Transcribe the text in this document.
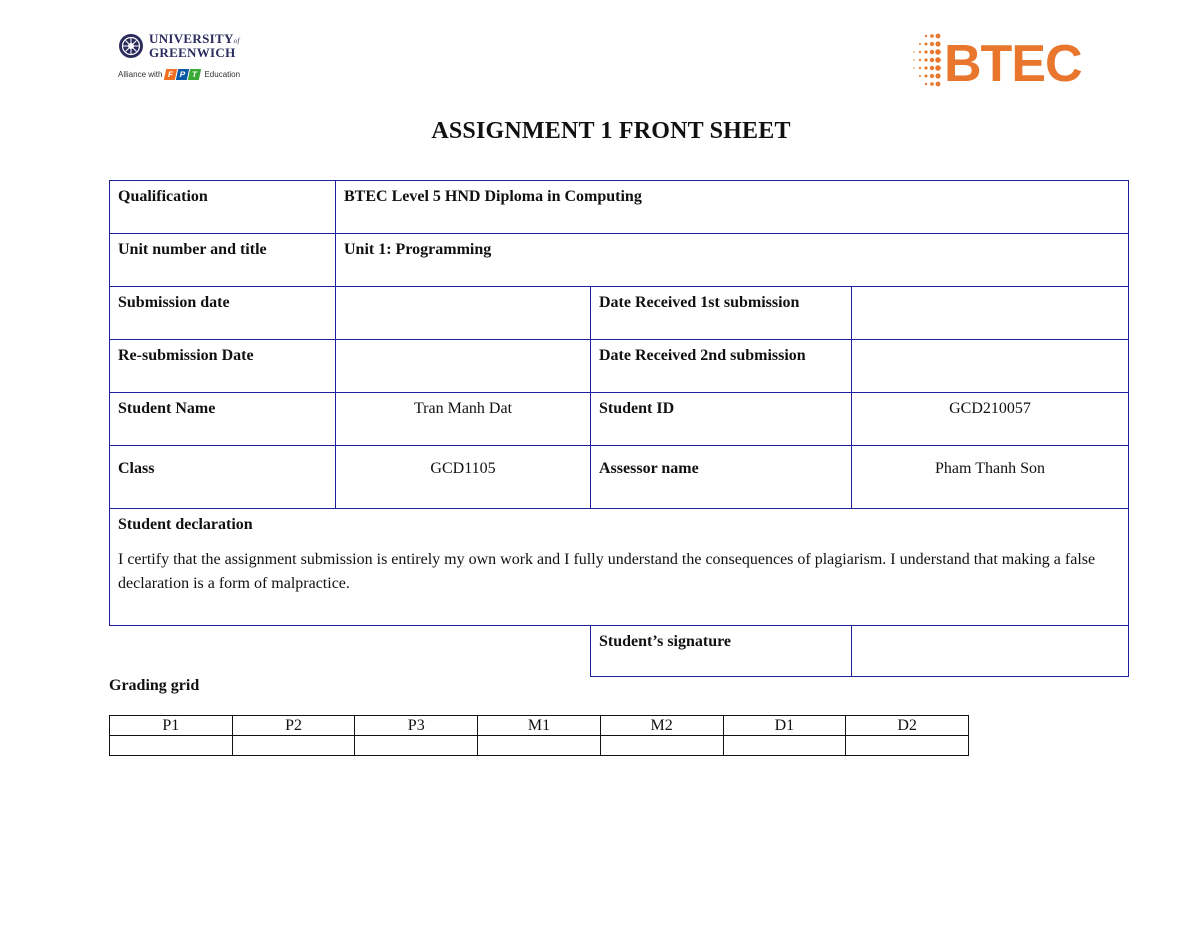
UNIVERSITYof
GREENWICH
Alliance with F P T Education	BTEC
ASSIGNMENT 1 FRONT SHEET
Qualification	BTEC Level 5 HND Diploma in Computing		
Unit number and title	Unit 1: Programming		
Submission date		Date Received 1st submission	
Re-submission Date		Date Received 2nd submission	
Student Name	Tran Manh Dat	Student ID	GCD210057
Class	GCD1105	Assessor name	Pham Thanh Son

Student declaration

I certify that the assignment submission is entirely my own work and I fully understand the consequences of plagiarism. I understand that making a false declaration is a form of malpractice.			

		Student’s signature	
Grading grid
P1	P2	P3	M1	M2	D1	D2
